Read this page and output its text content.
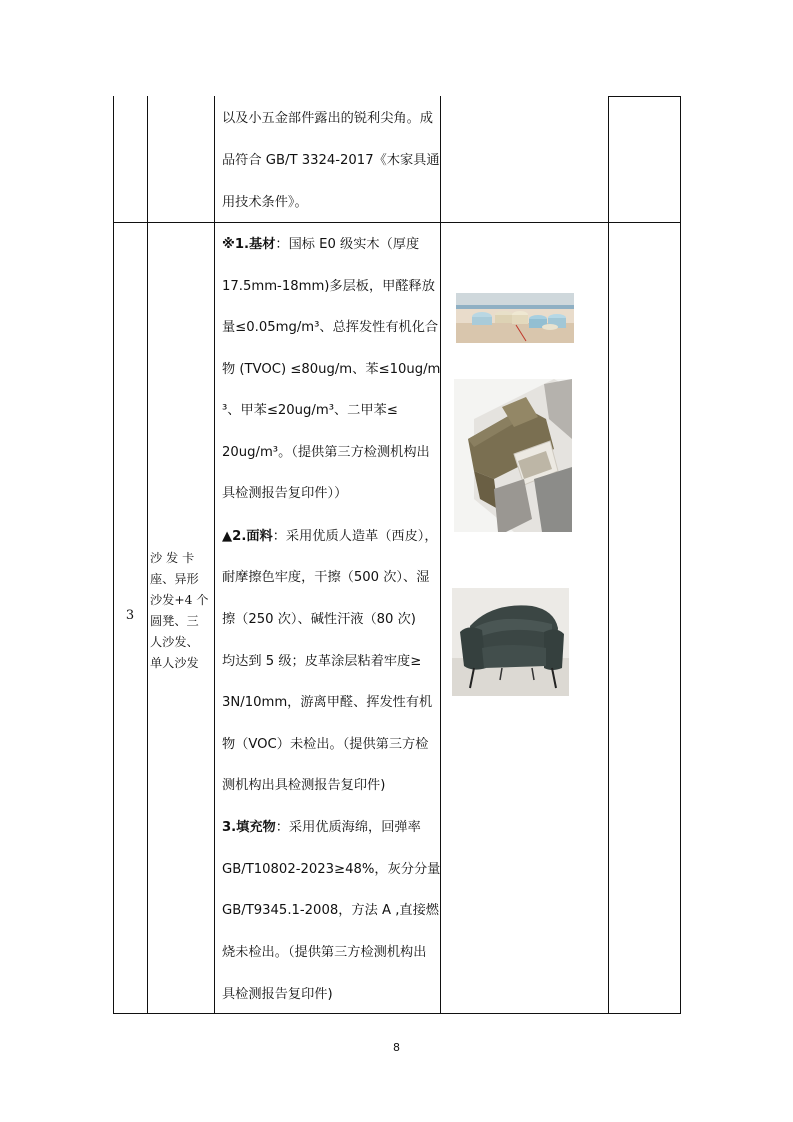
以及小五金部件露出的锐利尖角。成
品符合 GB/T 3324-2017《木家具通
用技术条件》。
3
沙 发 卡
座、异形
沙发+4 个
圆凳、三
人沙发、
单人沙发
※1.基材：国标 E0 级实木（厚度
17.5mm-18mm)多层板，甲醛释放
量≤0.05mg/m³、总挥发性有机化合
物 (TVOC) ≤80ug/m、苯≤10ug/m
³、甲苯≤20ug/m³、二甲苯≤
20ug/m³。（提供第三方检测机构出
具检测报告复印件））
▲2.面料：采用优质人造革（西皮），
耐摩擦色牢度，干擦（500 次）、湿
擦（250 次）、碱性汗液（80 次)
均达到 5 级；皮革涂层粘着牢度≥
3N/10mm，游离甲醛、挥发性有机
物（VOC）未检出。（提供第三方检
测机构出具检测报告复印件)
3.填充物：采用优质海绵，回弹率
GB/T10802-2023≥48%，灰分分量
GB/T9345.1-2008，方法 A ,直接燃
烧未检出。（提供第三方检测机构出
具检测报告复印件)
8
